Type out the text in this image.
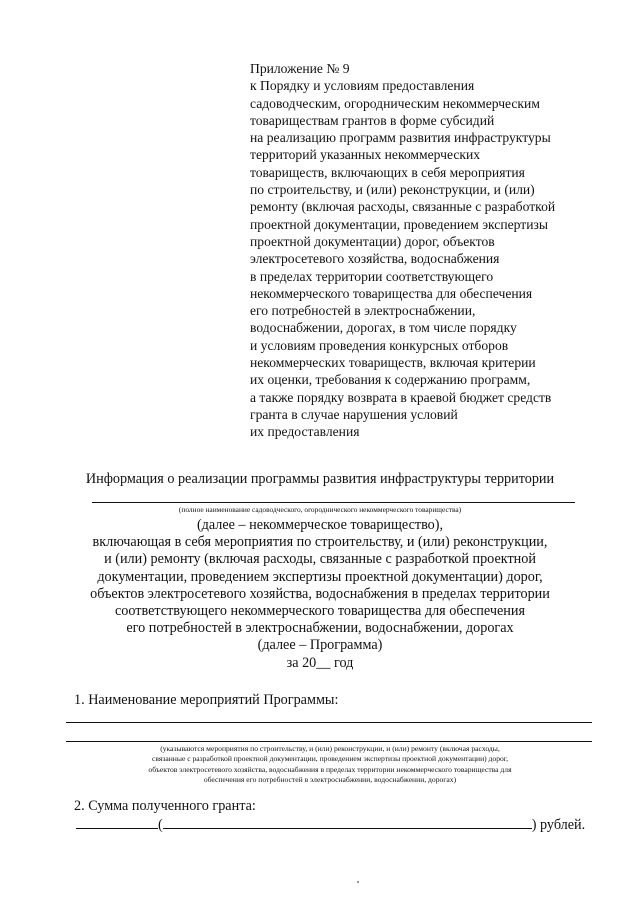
Приложение № 9
к Порядку и условиям предоставления
садоводческим, огородническим некоммерческим
товариществам грантов в форме субсидий
на реализацию программ развития инфраструктуры
территорий указанных некоммерческих
товариществ, включающих в себя мероприятия
по строительству, и (или) реконструкции, и (или)
ремонту (включая расходы, связанные с разработкой
проектной документации, проведением экспертизы
проектной документации) дорог, объектов
электросетевого хозяйства, водоснабжения
в пределах территории соответствующего
некоммерческого товарищества для обеспечения
его потребностей в электроснабжении,
водоснабжении, дорогах, в том числе порядку
и условиям проведения конкурсных отборов
некоммерческих товариществ, включая критерии
их оценки, требования к содержанию программ,
а также порядку возврата в краевой бюджет средств
гранта в случае нарушения условий
их предоставления
Информация о реализации программы развития инфраструктуры территории
(полное наименование садоводческого, огороднического некоммерческого товарищества)
(далее – некоммерческое товарищество),
включающая в себя мероприятия по строительству, и (или) реконструкции,
и (или) ремонту (включая расходы, связанные с разработкой проектной
документации, проведением экспертизы проектной документации) дорог,
объектов электросетевого хозяйства, водоснабжения в пределах территории
соответствующего некоммерческого товарищества для обеспечения
его потребностей в электроснабжении, водоснабжении, дорогах
(далее – Программа)
за 20__ год
1. Наименование мероприятий Программы:
(указываются мероприятия по строительству, и (или) реконструкции, и (или) ремонту (включая расходы,
связанные с разработкой проектной документации, проведением экспертизы проектной документации) дорог,
объектов электросетевого хозяйства, водоснабжения в пределах территории некоммерческого товарищества для
обеспечения его потребностей в электроснабжении, водоснабжении, дорогах)
2. Сумма полученного гранта:
(	) рублей.
